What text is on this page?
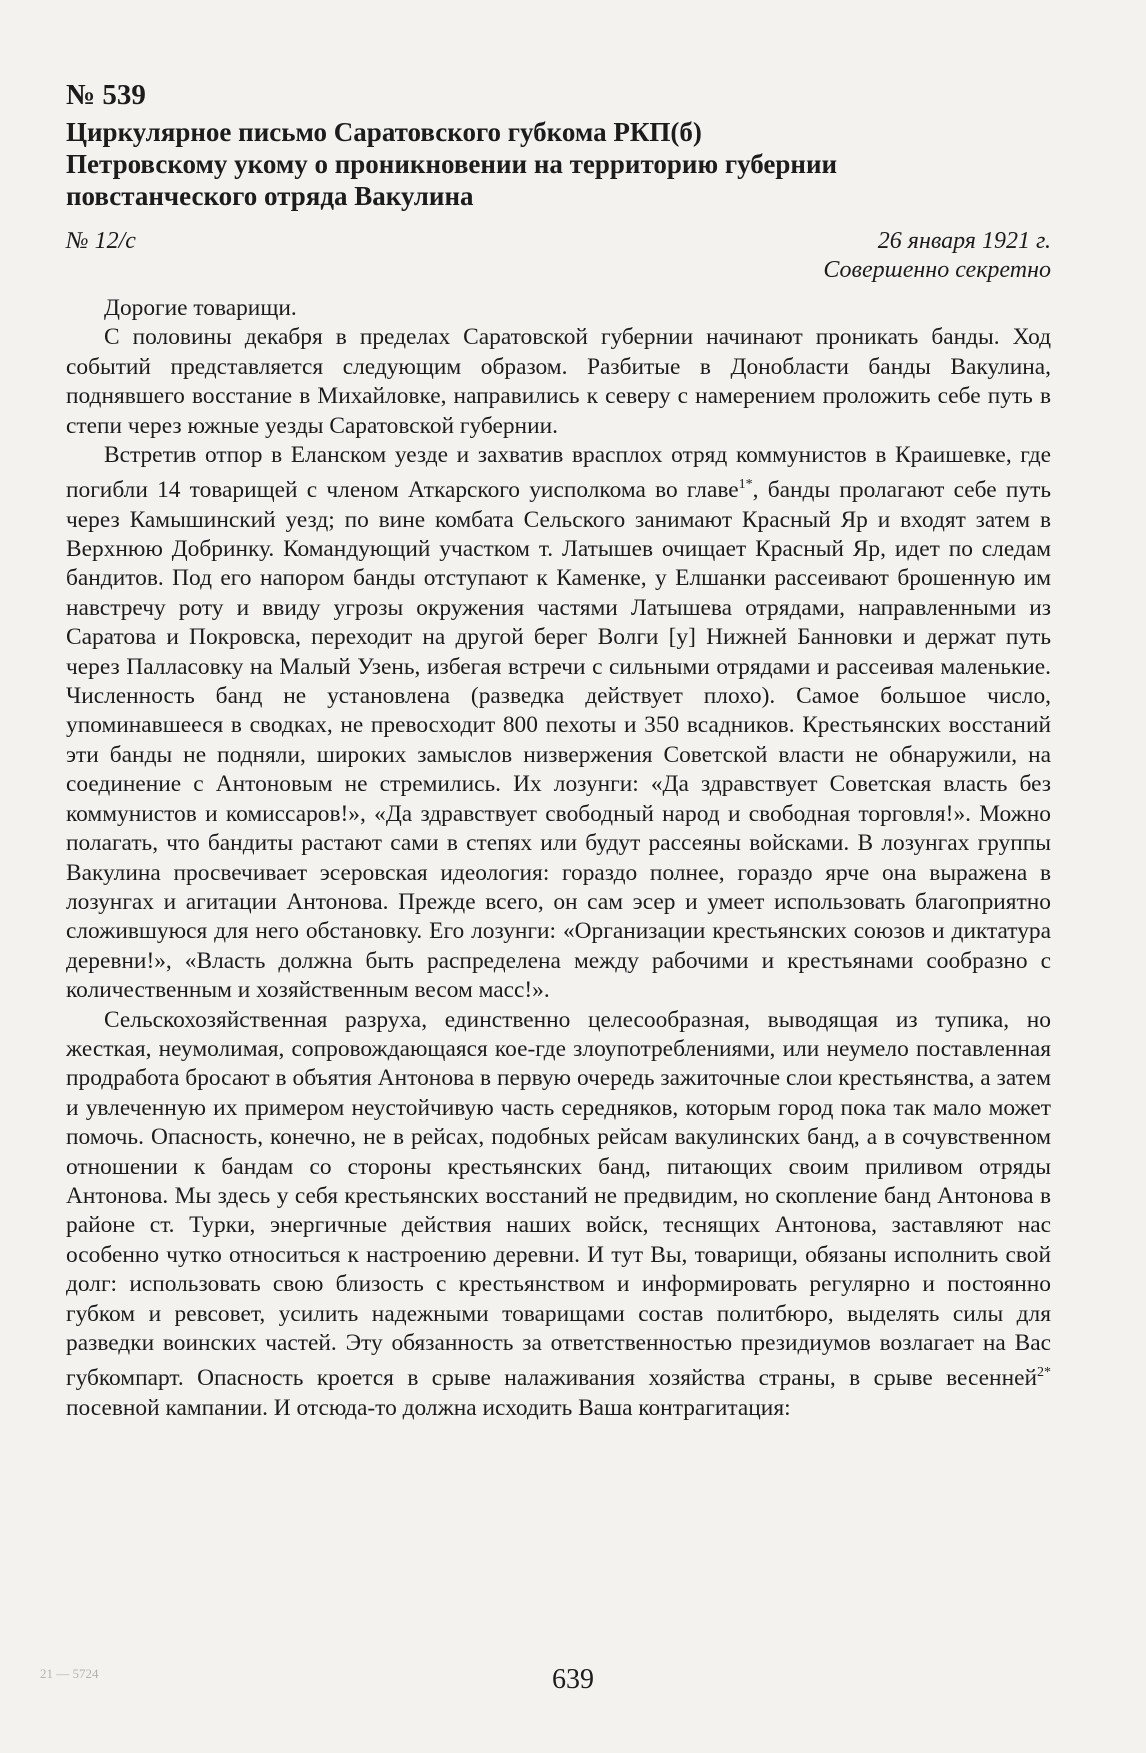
№ 539
Циркулярное письмо Саратовского губкома РКП(б)
Петровскому укому о проникновении на территорию губернии
повстанческого отряда Вакулина
№ 12/с	26 января 1921 г.
Совершенно секретно

Дорогие товарищи.

С половины декабря в пределах Саратовской губернии начинают проникать банды. Ход событий представляется следующим образом. Разбитые в Донобласти банды Вакулина, поднявшего восстание в Михайловке, направились к северу с намерением проложить себе путь в степи через южные уезды Саратовской губернии.

Встретив отпор в Еланском уезде и захватив врасплох отряд коммунистов в Краишевке, где погибли 14 товарищей с членом Аткарского уисполкома во главе$^{1*}$, банды пролагают себе путь через Камышинский уезд; по вине комбата Сельского занимают Красный Яр и входят затем в Верхнюю Добринку. Командующий участком т. Латышев очищает Красный Яр, идет по следам бандитов. Под его напором банды отступают к Каменке, у Елшанки рассеивают брошенную им навстречу роту и ввиду угрозы окружения частями Латышева отрядами, направленными из Саратова и Покровска, переходит на другой берег Волги [у] Нижней Банновки и держат путь через Палласовку на Малый Узень, избегая встречи с сильными отрядами и рассеивая маленькие. Численность банд не установлена (разведка действует плохо). Самое большое число, упоминавшееся в сводках, не превосходит 800 пехоты и 350 всадников. Крестьянских восстаний эти банды не подняли, широких замыслов низвержения Советской власти не обнаружили, на соединение с Антоновым не стремились. Их лозунги: «Да здравствует Советская власть без коммунистов и комиссаров!», «Да здравствует свободный народ и свободная торговля!». Можно полагать, что бандиты растают сами в степях или будут рассеяны войсками. В лозунгах группы Вакулина просвечивает эсеровская идеология: гораздо полнее, гораздо ярче она выражена в лозунгах и агитации Антонова. Прежде всего, он сам эсер и умеет использовать благоприятно сложившуюся для него обстановку. Его лозунги: «Организации крестьянских союзов и диктатура деревни!», «Власть должна быть распределена между рабочими и крестьянами сообразно с количественным и хозяйственным весом масс!».

Сельскохозяйственная разруха, единственно целесообразная, выводящая из тупика, но жесткая, неумолимая, сопровождающаяся кое-где злоупотреблениями, или неумело поставленная продработа бросают в объятия Антонова в первую очередь зажиточные слои крестьянства, а затем и увлеченную их примером неустойчивую часть середняков, которым город пока так мало может помочь. Опасность, конечно, не в рейсах, подобных рейсам вакулинских банд, а в сочувственном отношении к бандам со стороны крестьянских банд, питающих своим приливом отряды Антонова. Мы здесь у себя крестьянских восстаний не предвидим, но скопление банд Антонова в районе ст. Турки, энергичные действия наших войск, теснящих Антонова, заставляют нас особенно чутко относиться к настроению деревни. И тут Вы, товарищи, обязаны исполнить свой долг: использовать свою близость с крестьянством и информировать регулярно и постоянно губком и ревсовет, усилить надежными товарищами состав политбюро, выделять силы для разведки воинских частей. Эту обязанность за ответственностью президиумов возлагает на Вас губкомпарт. Опасность кроется в срыве налаживания хозяйства страны, в срыве весенней$^{2*}$ посевной кампании. И отсюда-то должна исходить Ваша контрагитация:

21 — 5724	639
